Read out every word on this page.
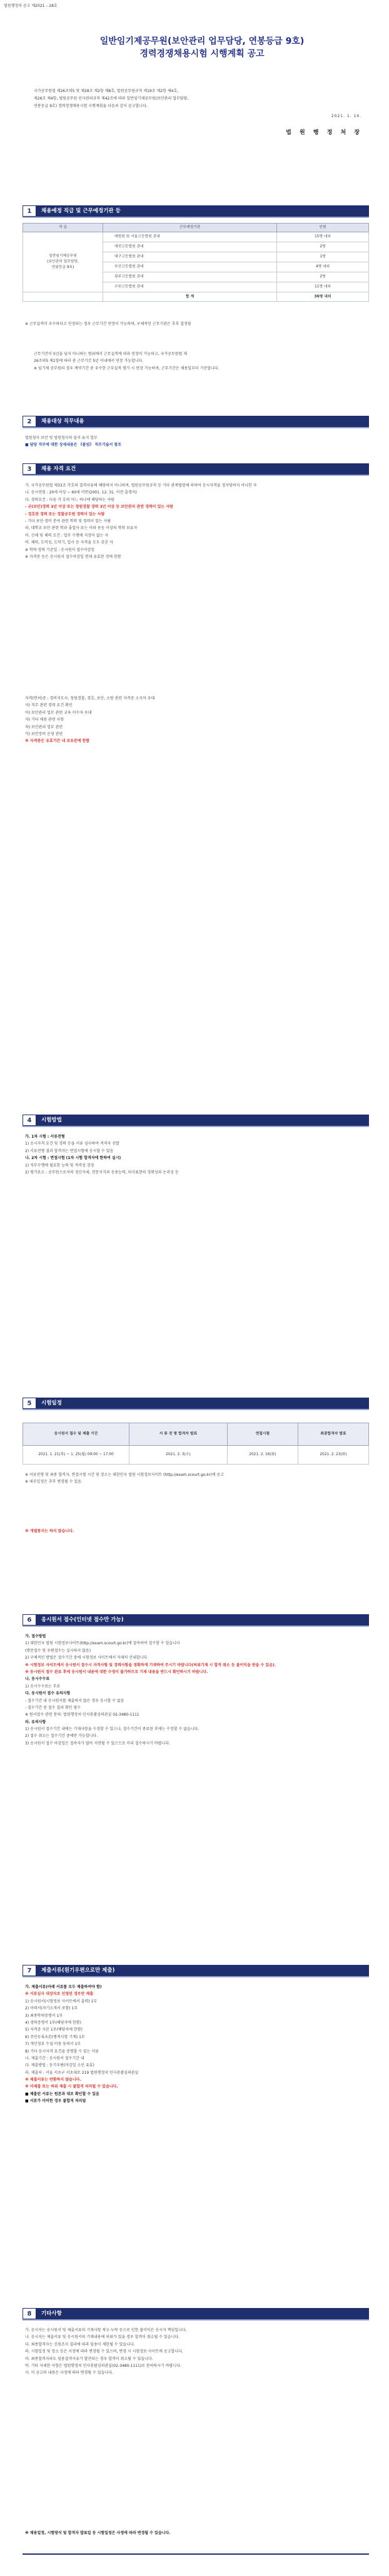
법원행정처 공고 제2021 – 28호
일반임기제공무원(보안관리 업무담당, 연봉등급 9호)
경력경쟁채용시험 시행계획 공고
국가공무원법 제26조의5 및 제28조 제2항 제8호, 법원공무원규칙 제19조 제2항 제4호,
제26조 제4항, 법원공무원 인사관리규칙 제42조에 따라 일반임기제공무원(보안관리 업무담당,
연봉등급 9호) 경력경쟁채용시험 시행계획을 다음과 같이 공고합니다.
2021. 1. 14.
법 원 행 정 처 장
1	채용예정 직급 및 근무예정기관 등
직 급	근무예정기관	인원

일반임기제공무원
(보안관리 업무담당,
연봉등급 9호)	대법원 및 서울고등법원 관내	15명 내외
	대전고등법원 관내	2명
	대구고등법원 관내	1명
	부산고등법원 관내	4명 내외
	광주고등법원 관내	2명
	수원고등법원 관내	11명 내외
	합 계	36명 내외
※ 근무실적이 우수하다고 인정되는 경우 근무기간 연장이 가능하며, 구체적인 근무기관은 추후 결정됨
근무기간이 5년을 넘지 아니하는 범위에서 근무실적에 따라 연장이 가능하고, 국가공무원법 제
26조의5 제1항에 따라 총 근무기간 5년 이내에서 연장 가능합니다.
※ 임기제 공무원의 경우 계약기간 중 우수한 근무실적 평가 시 연장 가능하며, 근무기간은 채용일부터 기산합니다.
2	채용대상 직무내용
법원청사 보안 및 법원청사의 질서 유지 업무
■ 담당 직무에 대한 상세내용은 《붙임》 직무기술서 참조
3	채용 자격 요건
가. 국가공무원법 제33조 각호의 결격사유에 해당하지 아니하며, 법원공무원규칙 등 기타 관계법령에 의하여 응시자격을 정지당하지 아니한 자
나. 응시연령 : 20세 이상 ~ 60세 미만(2001. 12. 31. 이전 출생자)
다. 경력요건 : 다음 각 호의 어느 하나에 해당하는 사람
- 군(보안)경력 3년 이상 또는 청원경찰 경력 3년 이상 등 보안관리 관련 경력이 있는 사람
- 경호관 경력 또는 경찰공무원 경력이 있는 사람
- 기타 보안·경비 분야 관련 학력 및 경력이 있는 사람
라. 대학교 보안 관련 학과 졸업자 또는 이와 동등 이상의 학력 보유자
마. 신체 및 체력 조건 : 업무 수행에 지장이 없는 자
바. 체력, 도덕성, 도덕기, 입사 등 자격을 모두 갖춘 자
※ 학력·경력 기준일 : 응시원서 접수마감일
※ 자격증 등은 응시원서 접수마감일 현재 유효한 것에 한함
자격(면허)증 : 경비지도사, 청원경찰, 경호, 보안, 소방 관련 자격증 소지자 우대
사) 직무 관련 경력 요건 확인
아) 보안관리 업무 관련 교육 이수자 우대
자) 기타 채용 관련 사항
차) 보안관리 업무 관련
카) 보안장비 운영 관련
※ 자격증은 유효기간 내 보유분에 한함
4	시험방법
가. 1차 시험 : 서류전형
1) 응시자격 요건 및 경력 등을 서류 심사하여 적격자 선발
2) 서류전형 결과 합격자는 면접시험에 응시할 수 있음
나. 2차 시험 : 면접시험 (1차 시험 합격자에 한하여 실시)
1) 직무수행에 필요한 능력 및 적격성 검정
2) 평가요소 : 공무원으로서의 정신자세, 전문지식과 응용능력, 의사표현의 정확성과 논리성 등
5	시험일정
응시원서 접수 및 제출 기간	서 류 전 형 합격자 발표	면접시험	최종합격자 발표
2021. 1. 21(목) ~ 1. 25(월) 09:00 ~ 17:00	2021. 2. 3(수)	2021. 2. 16(화)	2021. 2. 23(화)
※ 서류전형 및 최종 합격자, 면접시험 시간 및 장소는 대한민국 법원 시험정보사이트 (http://exam.scourt.go.kr)에 공고
※ 세부일정은 추후 변경될 수 있음
※ 개별통지는 하지 않습니다.
6	응시원서 접수(인터넷 접수만 가능)
가. 접수방법
1) 대한민국 법원 시험정보사이트(http://exam.scourt.go.kr)에 접속하여 접수할 수 있습니다
(방문접수 및 우편접수는 실시하지 않음)
2) 구체적인 방법은 접수기간 중에 시험정보 사이트에서 자세히 안내합니다.
※ 시험정보 사이트에서 응시원서 접수시 자격사항 및 경력사항을 정확하게 기재하여 주시기 바랍니다(허위기재 시 합격 취소 등 불이익을 받을 수 있음).
※ 응시원서 접수 완료 후에 응시원서 내용에 대한 수정이 불가하므로 기재 내용을 반드시 확인하시기 바랍니다.
나. 응시수수료
1) 응시수수료는 무료
다. 응시원서 접수 유의사항
- 접수기간 내 응시원서를 제출하지 않은 경우 응시할 수 없음
- 접수기간 중 접수 결과 확인 필수
※ 원서접수 관련 문의: 법원행정처 인사총괄심의관실 02-3480-1111
라. 유의사항
1) 응시원서 접수기간 내에는 기재사항을 수정할 수 있으나, 접수기간이 종료된 후에는 수정할 수 없습니다.
2) 접수 취소는 접수기간 중에만 가능합니다.
3) 응시원서 접수 마감일은 접속자가 많아 지연될 수 있으므로 미리 접수하시기 바랍니다.
7	제출서류(원기우편으로만 제출)
가. 제출서류(아래 서류를 모두 제출하여야 함)
※ 서류심사 대상자로 선정된 경우만 제출
1) 응시원서(시험정보 사이트에서 출력) 1부
2) 이력서(자기소개서 포함) 1부
3) 최종학력증명서 1부
4) 경력증명서 1부(해당자에 한함)
5) 자격증 사본 1부(해당자에 한함)
6) 주민등록초본(병적사항 기재) 1부
7) 개인정보 수집·이용 동의서 1부
8) 기타 응시자격 요건을 증명할 수 있는 서류
나. 제출기간 : 응시원서 접수기간 내
다. 제출방법 : 등기우편(마감일 소인 유효)
라. 제출처 : 서울 서초구 서초대로 219 법원행정처 인사총괄심의관실
※ 제출서류는 반환하지 않습니다.
※ 미제출 또는 허위 제출 시 불합격 처리될 수 있습니다.
■ 제출된 서류는 원본과 대조 확인할 수 있음
■ 서류가 미비한 경우 불합격 처리됨
8	기타사항
가. 응시자는 응시원서 및 제출서류의 기재사항 착오·누락 등으로 인한 불이익은 응시자 책임입니다.
나. 응시자는 제출서류 및 응시원서의 기재내용에 허위가 있을 경우 합격이 취소될 수 있습니다.
다. 최종합격자는 신원조사 결과에 따라 임용이 제한될 수 있습니다.
라. 시험일정 및 장소 등은 사정에 따라 변경될 수 있으며, 변경 시 시험정보 사이트에 공고합니다.
마. 최종합격자라도 임용결격사유가 발견되는 경우 합격이 취소될 수 있습니다.
바. 기타 자세한 사항은 법원행정처 인사총괄심의관실(02-3480-1111)로 문의하시기 바랍니다.
사. 이 공고의 내용은 사정에 따라 변경될 수 있습니다.
※ 채용일정, 시험방식 및 합격자 발표일 등 시험일정은 사정에 따라 변경될 수 있습니다.
